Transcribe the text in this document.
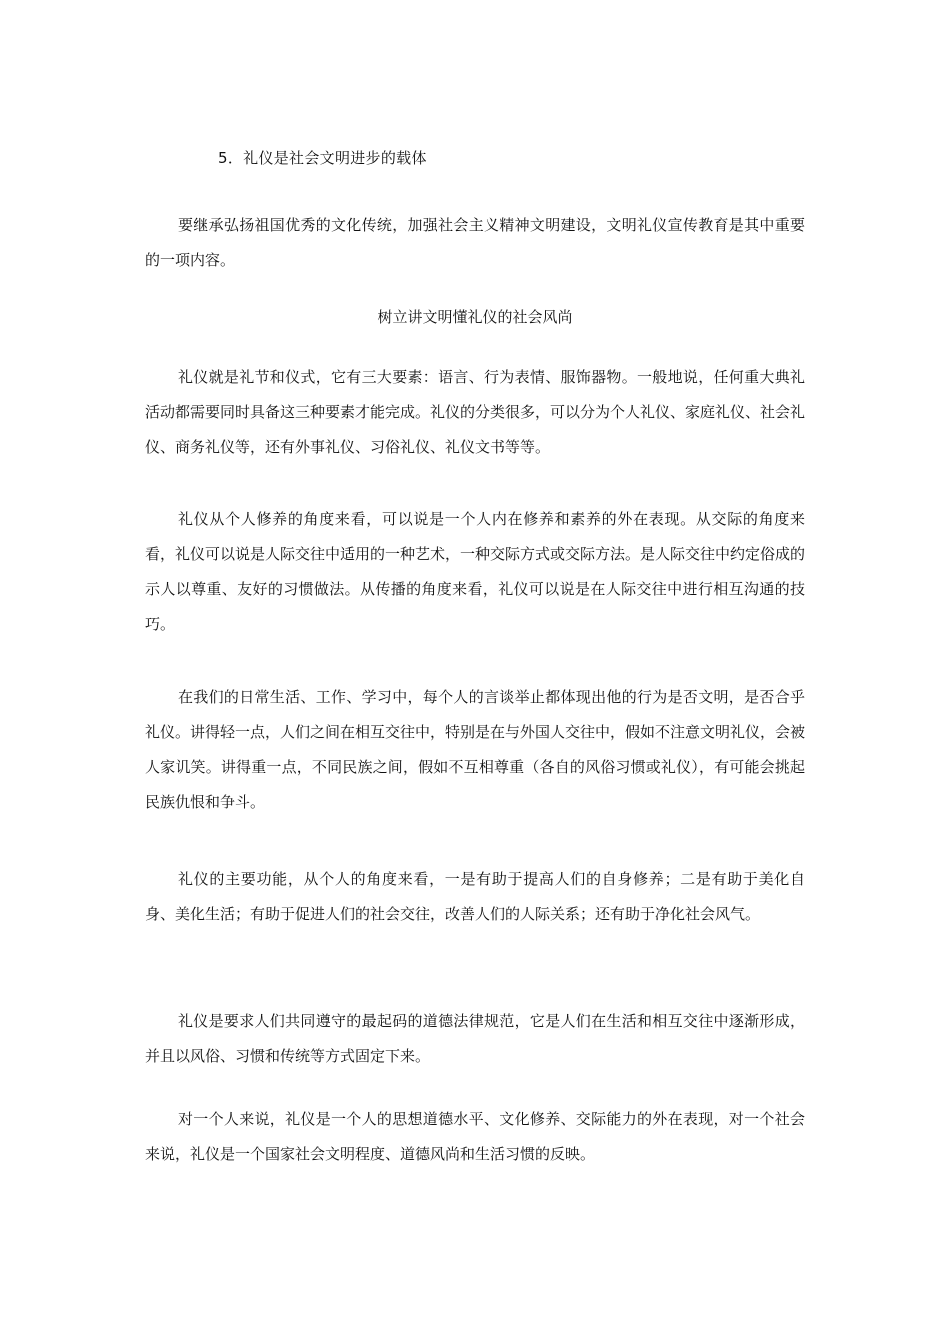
5．礼仪是社会文明进步的载体

要继承弘扬祖国优秀的文化传统，加强社会主义精神文明建设，文明礼仪宣传教育是其中重要的一项内容。

树立讲文明懂礼仪的社会风尚

礼仪就是礼节和仪式，它有三大要素：语言、行为表情、服饰器物。一般地说，任何重大典礼活动都需要同时具备这三种要素才能完成。礼仪的分类很多，可以分为个人礼仪、家庭礼仪、社会礼仪、商务礼仪等，还有外事礼仪、习俗礼仪、礼仪文书等等。

礼仪从个人修养的角度来看，可以说是一个人内在修养和素养的外在表现。从交际的角度来看，礼仪可以说是人际交往中适用的一种艺术，一种交际方式或交际方法。是人际交往中约定俗成的示人以尊重、友好的习惯做法。从传播的角度来看，礼仪可以说是在人际交往中进行相互沟通的技巧。

在我们的日常生活、工作、学习中，每个人的言谈举止都体现出他的行为是否文明，是否合乎礼仪。讲得轻一点，人们之间在相互交往中，特别是在与外国人交往中，假如不注意文明礼仪，会被人家讥笑。讲得重一点，不同民族之间，假如不互相尊重（各自的风俗习惯或礼仪），有可能会挑起民族仇恨和争斗。

礼仪的主要功能，从个人的角度来看，一是有助于提高人们的自身修养；二是有助于美化自身、美化生活；有助于促进人们的社会交往，改善人们的人际关系；还有助于净化社会风气。

礼仪是要求人们共同遵守的最起码的道德法律规范，它是人们在生活和相互交往中逐渐形成，并且以风俗、习惯和传统等方式固定下来。

对一个人来说，礼仪是一个人的思想道德水平、文化修养、交际能力的外在表现，对一个社会来说，礼仪是一个国家社会文明程度、道德风尚和生活习惯的反映。
